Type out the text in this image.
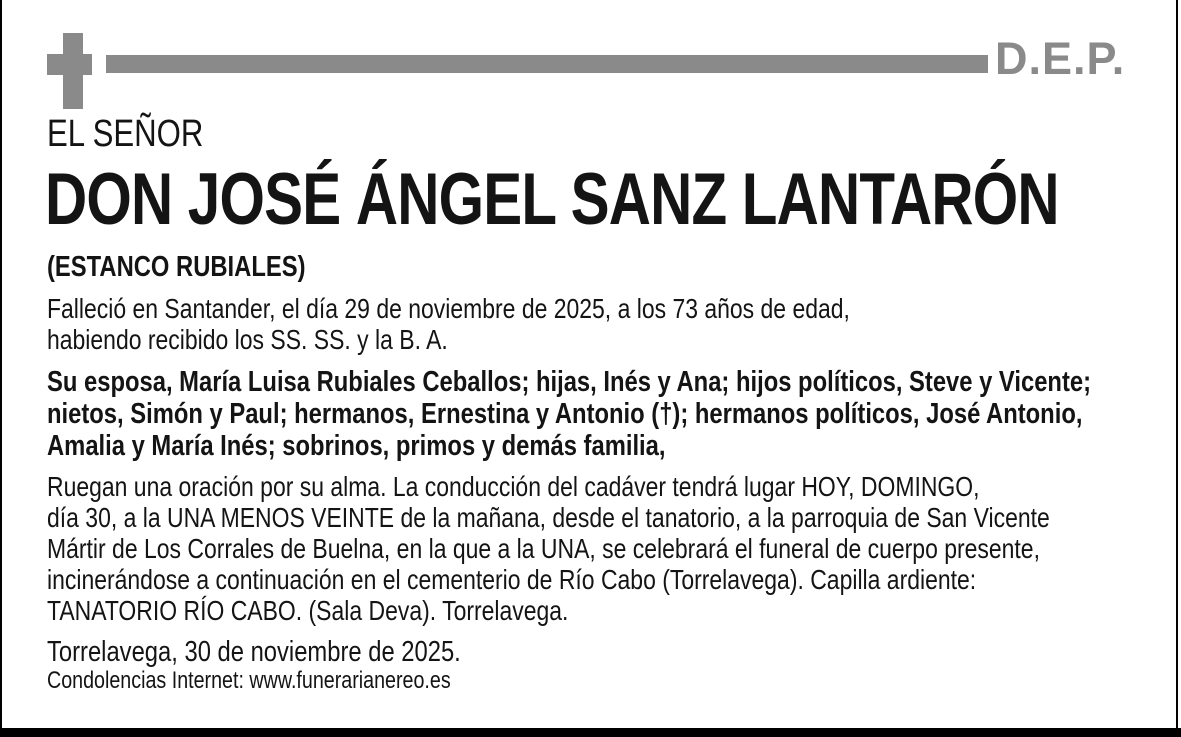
D.E.P.
EL SEÑOR
DON JOSÉ ÁNGEL SANZ LANTARÓN
(ESTANCO RUBIALES)
Falleció en Santander, el día 29 de noviembre de 2025, a los 73 años de edad,
habiendo recibido los SS. SS. y la B. A.
Su esposa, María Luisa Rubiales Ceballos; hijas, Inés y Ana; hijos políticos, Steve y Vicente;
nietos, Simón y Paul; hermanos, Ernestina y Antonio (†); hermanos políticos, José Antonio,
Amalia y María Inés; sobrinos, primos y demás familia,
Ruegan una oración por su alma. La conducción del cadáver tendrá lugar HOY, DOMINGO,
día 30, a la UNA MENOS VEINTE de la mañana, desde el tanatorio, a la parroquia de San Vicente
Mártir de Los Corrales de Buelna, en la que a la UNA, se celebrará el funeral de cuerpo presente,
incinerándose a continuación en el cementerio de Río Cabo (Torrelavega). Capilla ardiente:
TANATORIO RÍO CABO. (Sala Deva). Torrelavega.
Torrelavega, 30 de noviembre de 2025.
Condolencias Internet: www.funerarianereo.es
